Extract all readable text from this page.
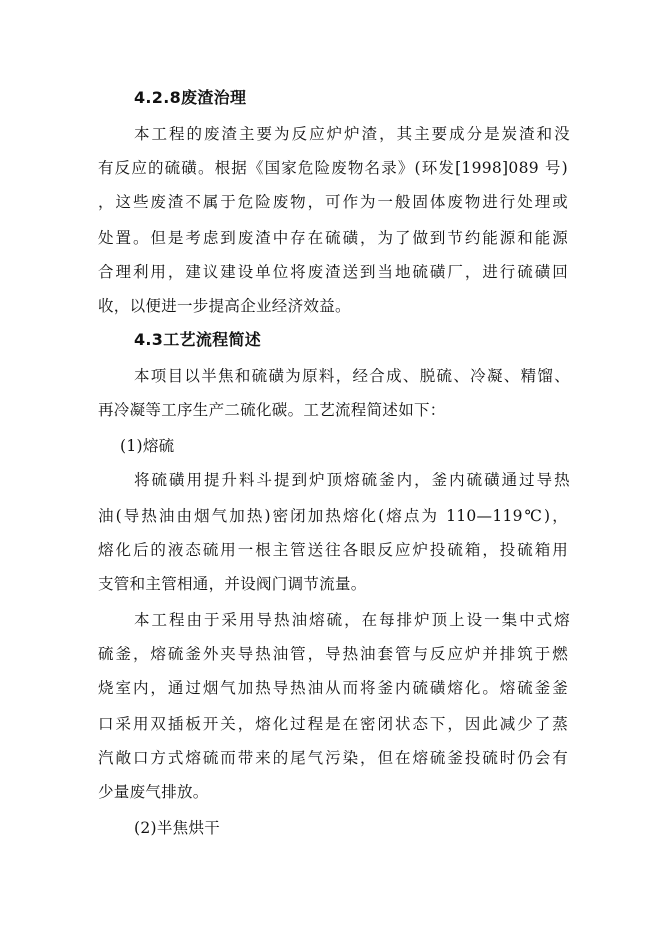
4.2.8废渣治理
本工程的废渣主要为反应炉炉渣，其主要成分是炭渣和没
有反应的硫磺。根据《国家危险废物名录》(环发[1998]089 号)
，这些废渣不属于危险废物，可作为一般固体废物进行处理或
处置。但是考虑到废渣中存在硫磺，为了做到节约能源和能源
合理利用，建议建设单位将废渣送到当地硫磺厂，进行硫磺回
收，以便进一步提高企业经济效益。
4.3工艺流程简述
本项目以半焦和硫磺为原料，经合成、脱硫、冷凝、精馏、
再冷凝等工序生产二硫化碳。工艺流程简述如下：
(1)熔硫
将硫磺用提升料斗提到炉顶熔硫釜内，釜内硫磺通过导热
油(导热油由烟气加热)密闭加热熔化(熔点为 110—119℃)，
熔化后的液态硫用一根主管送往各眼反应炉投硫箱，投硫箱用
支管和主管相通，并设阀门调节流量。
本工程由于采用导热油熔硫，在每排炉顶上设一集中式熔
硫釜，熔硫釜外夹导热油管，导热油套管与反应炉并排筑于燃
烧室内，通过烟气加热导热油从而将釜内硫磺熔化。熔硫釜釜
口采用双插板开关，熔化过程是在密闭状态下，因此减少了蒸
汽敞口方式熔硫而带来的尾气污染，但在熔硫釜投硫时仍会有
少量废气排放。
(2)半焦烘干
